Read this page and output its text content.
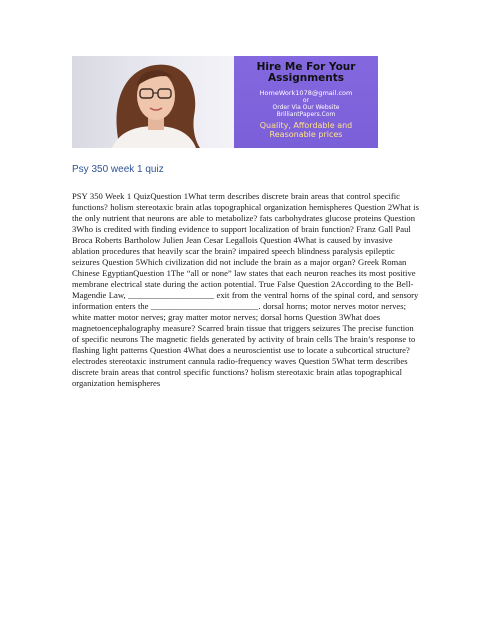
Hire Me For Your
Assignments
HomeWork1078@gmail.com
or
Order Via Our Website
BrilliantPapers.Com
Quality, Affordable and
Reasonable prices
Psy 350 week 1 quiz

PSY 350 Week 1 QuizQuestion 1What term describes discrete brain areas that control specific functions? holism stereotaxic brain atlas topographical organization hemispheres Question 2What is the only nutrient that neurons are able to metabolize? fats carbohydrates glucose proteins Question 3Who is credited with finding evidence to support localization of brain function? Franz Gall Paul Broca Roberts Bartholow Julien Jean Cesar Legallois Question 4What is caused by invasive ablation procedures that heavily scar the brain? impaired speech blindness paralysis epileptic seizures Question 5Which civilization did not include the brain as a major organ? Greek Roman Chinese EgyptianQuestion 1The “all or none” law states that each neuron reaches its most positive membrane electrical state during the action potential. True False Question 2According to the Bell-Magendie Law, ____________________ exit from the ventral horns of the spinal cord, and sensory information enters the _________________________. dorsal horns; motor nerves motor nerves; white matter motor nerves; gray matter motor nerves; dorsal horns Question 3What does magnetoencephalography measure? Scarred brain tissue that triggers seizures The precise function of specific neurons The magnetic fields generated by activity of brain cells The brain’s response to flashing light patterns Question 4What does a neuroscientist use to locate a subcortical structure? electrodes stereotaxic instrument cannula radio-frequency waves Question 5What term describes discrete brain areas that control specific functions? holism stereotaxic brain atlas topographical organization hemispheres
